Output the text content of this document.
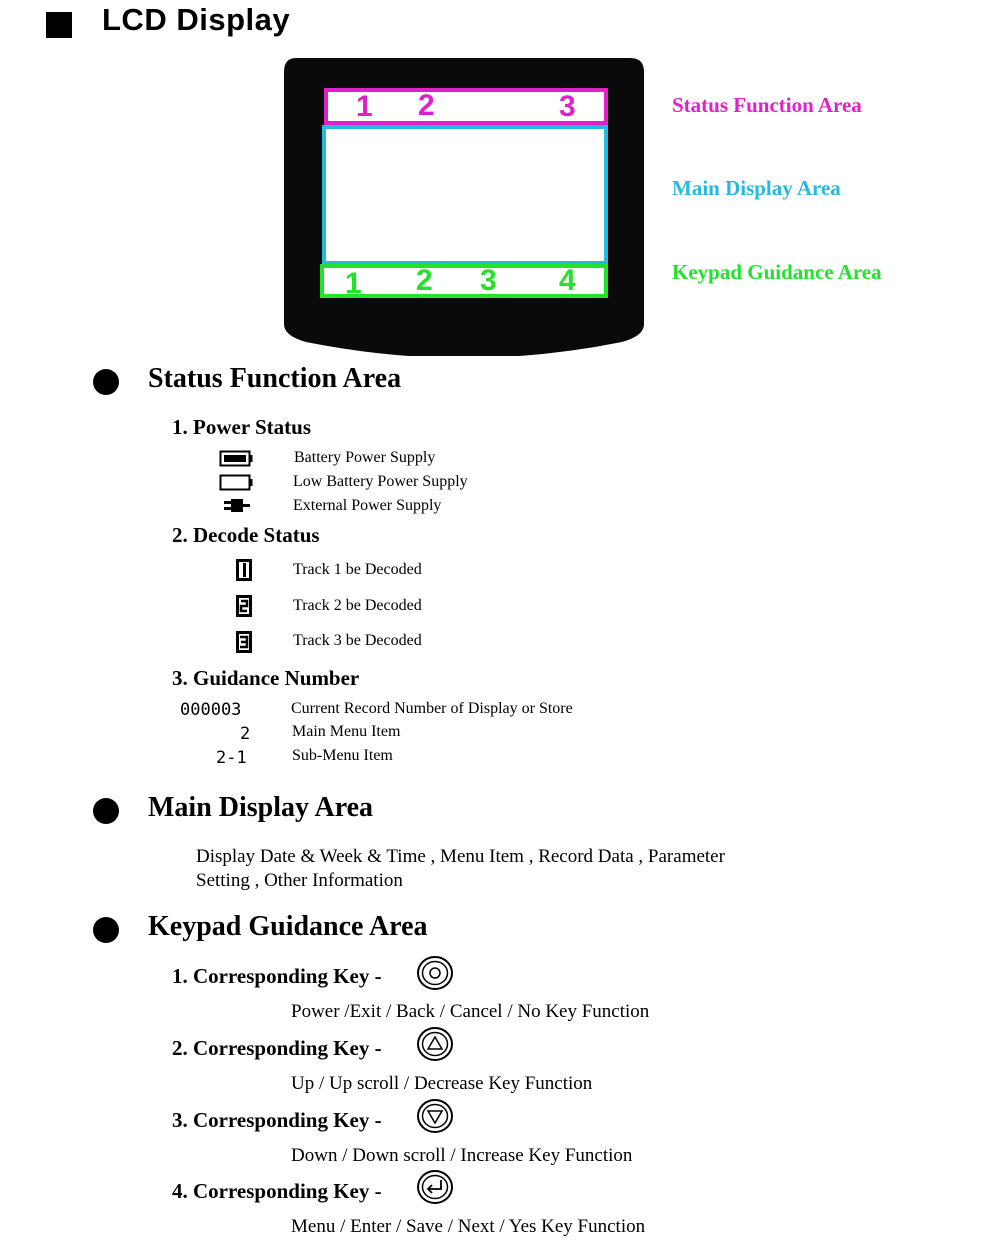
LCD Display
1 2	3
1 2 3 4
Status Function Area
Main Display Area
Keypad Guidance Area
Status Function Area
1. Power Status
Battery Power Supply
Low Battery Power Supply
External Power Supply
2. Decode Status
Track 1 be Decoded
Track 2 be Decoded
Track 3 be Decoded
3. Guidance Number
000003	Current Record Number of Display or Store
2	Main Menu Item
2-1	Sub-Menu Item
Main Display Area
Display Date & Week & Time , Menu Item , Record Data , Parameter
Setting , Other Information
Keypad Guidance Area
1. Corresponding Key -
Power /Exit / Back / Cancel / No Key Function
2. Corresponding Key -
Up / Up scroll / Decrease Key Function
3. Corresponding Key -
Down / Down scroll / Increase Key Function
4. Corresponding Key -
Menu / Enter / Save / Next / Yes Key Function
